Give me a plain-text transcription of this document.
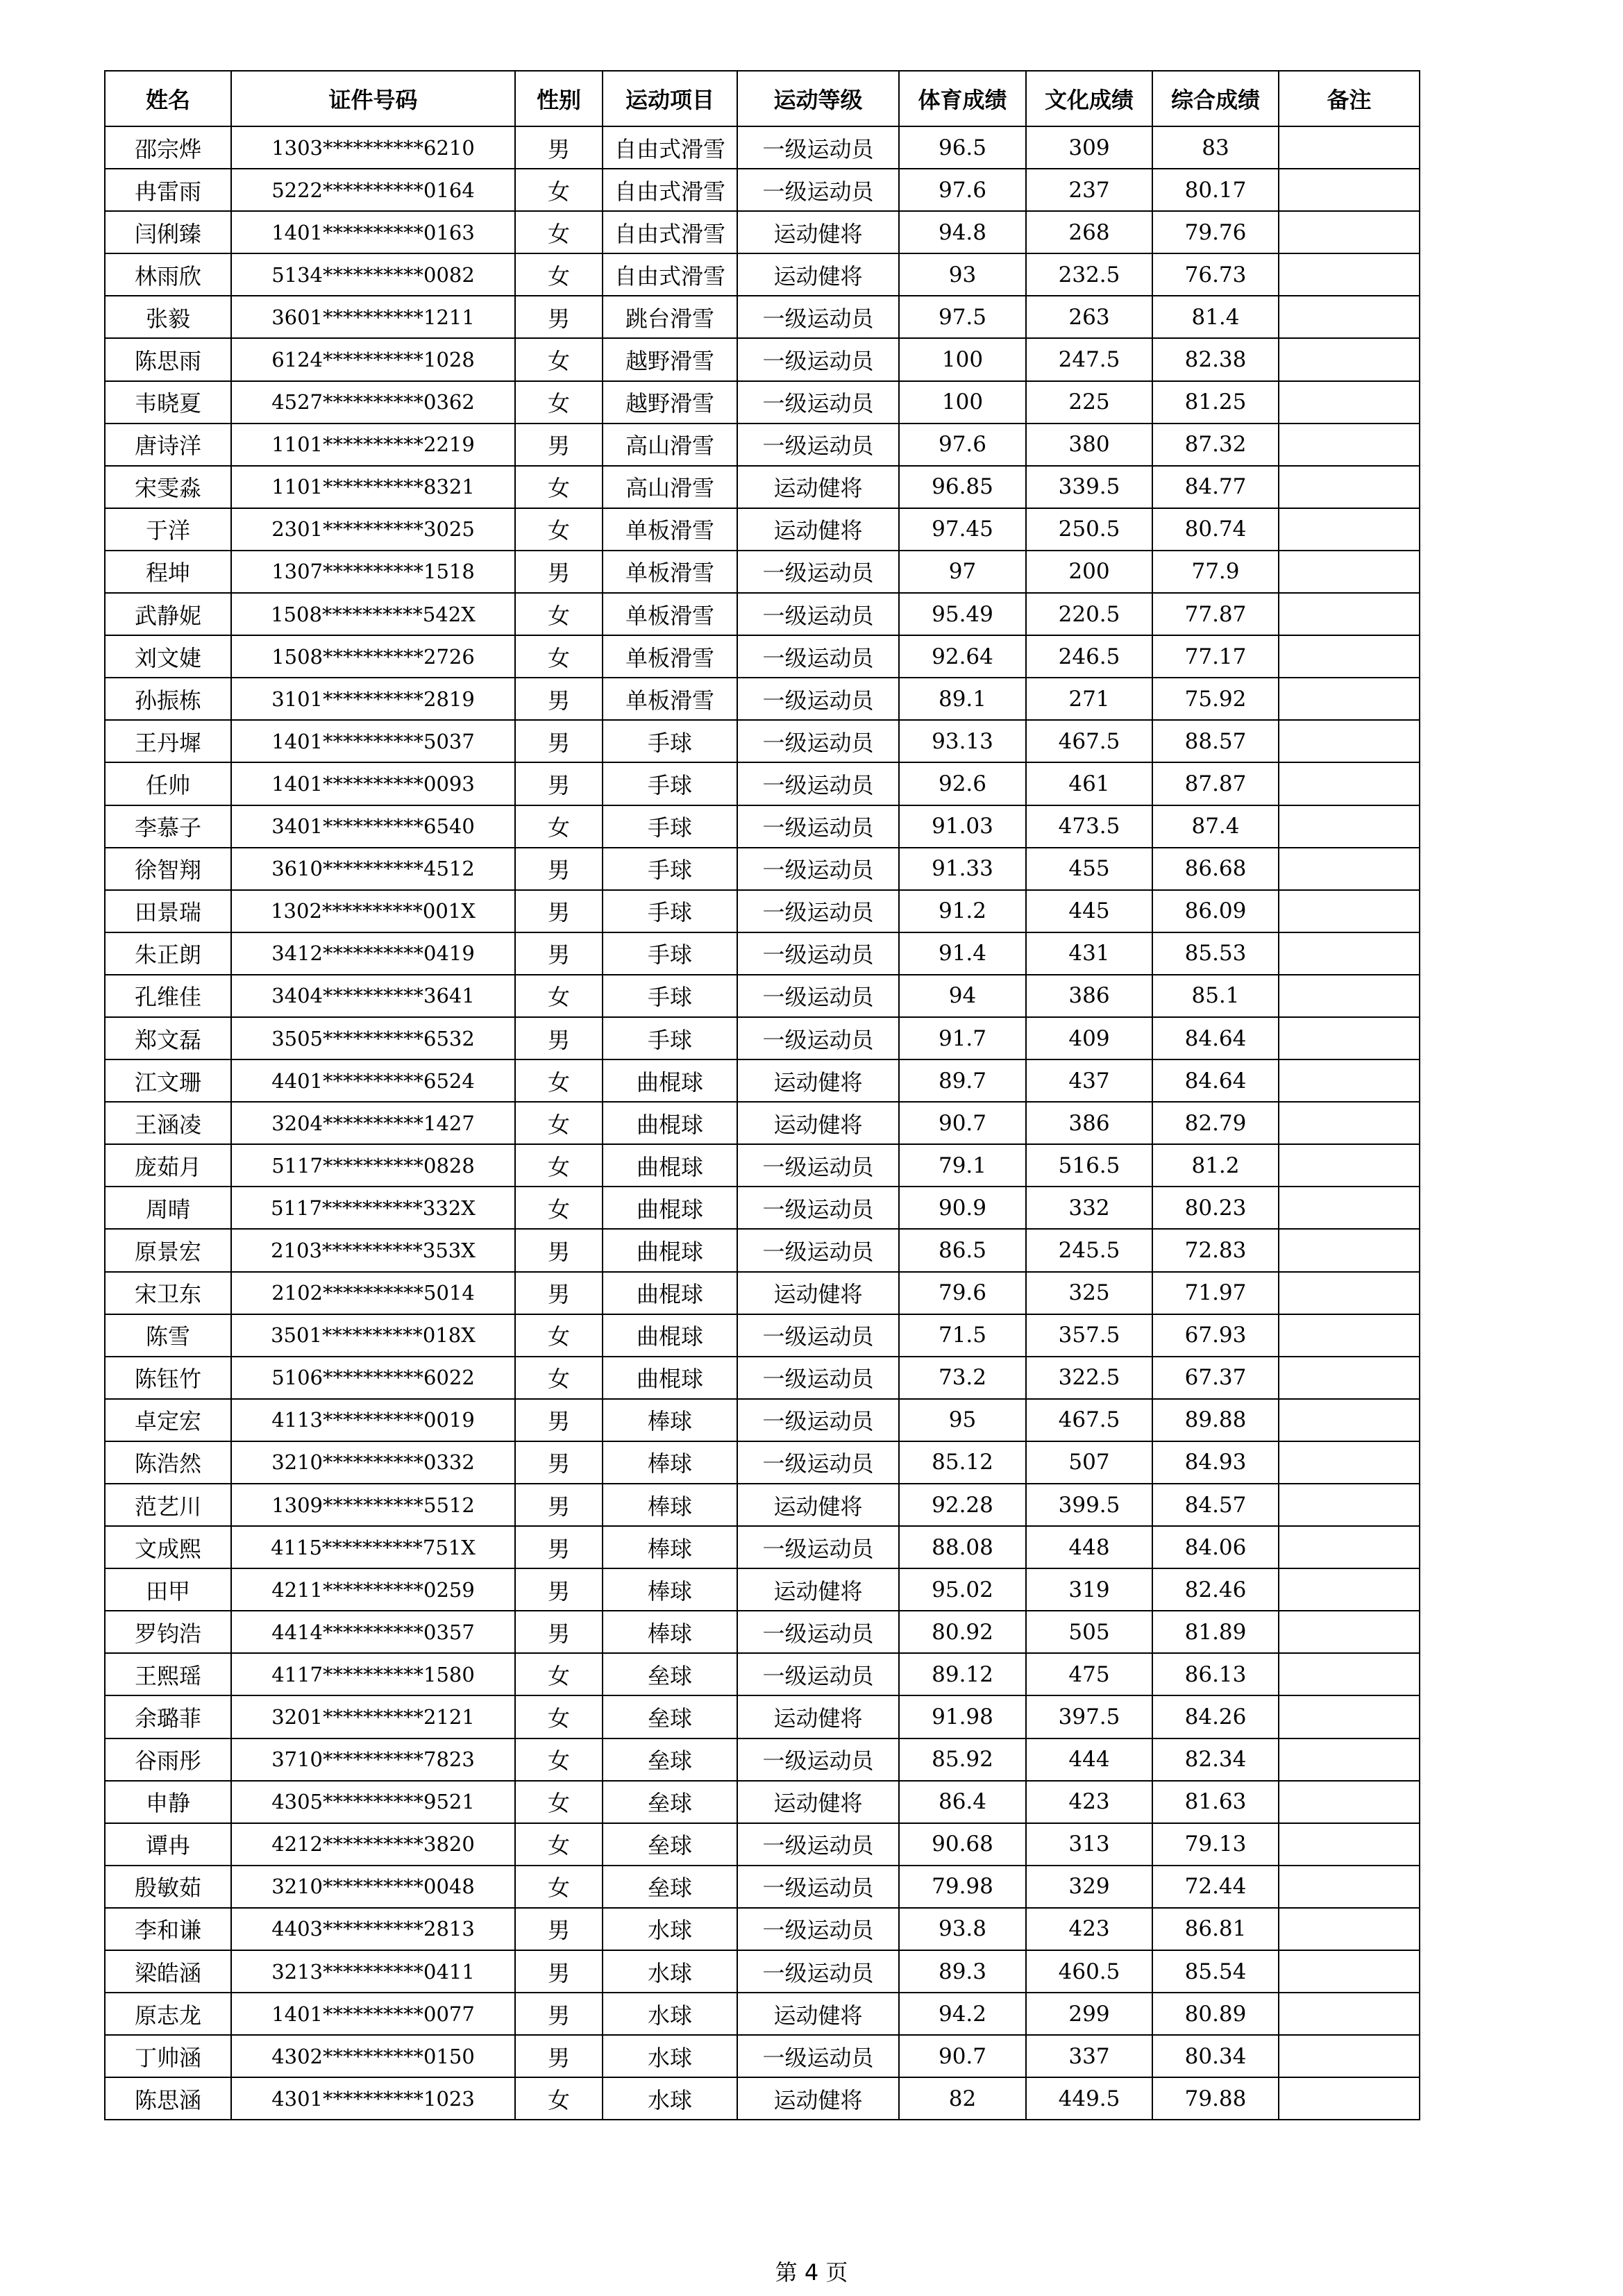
姓名	证件号码	性别	运动项目	运动等级	体育成绩	文化成绩	综合成绩	备注
邵宗烨	1303**********6210	男	自由式滑雪	一级运动员	96.5	309	83	
冉雷雨	5222**********0164	女	自由式滑雪	一级运动员	97.6	237	80.17	
闫俐臻	1401**********0163	女	自由式滑雪	运动健将	94.8	268	79.76	
林雨欣	5134**********0082	女	自由式滑雪	运动健将	93	232.5	76.73	
张毅	3601**********1211	男	跳台滑雪	一级运动员	97.5	263	81.4	
陈思雨	6124**********1028	女	越野滑雪	一级运动员	100	247.5	82.38	
韦晓夏	4527**********0362	女	越野滑雪	一级运动员	100	225	81.25	
唐诗洋	1101**********2219	男	高山滑雪	一级运动员	97.6	380	87.32	
宋雯淼	1101**********8321	女	高山滑雪	运动健将	96.85	339.5	84.77	
于洋	2301**********3025	女	单板滑雪	运动健将	97.45	250.5	80.74	
程坤	1307**********1518	男	单板滑雪	一级运动员	97	200	77.9	
武静妮	1508**********542X	女	单板滑雪	一级运动员	95.49	220.5	77.87	
刘文婕	1508**********2726	女	单板滑雪	一级运动员	92.64	246.5	77.17	
孙振栋	3101**********2819	男	单板滑雪	一级运动员	89.1	271	75.92	
王丹墀	1401**********5037	男	手球	一级运动员	93.13	467.5	88.57	
任帅	1401**********0093	男	手球	一级运动员	92.6	461	87.87	
李慕子	3401**********6540	女	手球	一级运动员	91.03	473.5	87.4	
徐智翔	3610**********4512	男	手球	一级运动员	91.33	455	86.68	
田景瑞	1302**********001X	男	手球	一级运动员	91.2	445	86.09	
朱正朗	3412**********0419	男	手球	一级运动员	91.4	431	85.53	
孔维佳	3404**********3641	女	手球	一级运动员	94	386	85.1	
郑文磊	3505**********6532	男	手球	一级运动员	91.7	409	84.64	
江文珊	4401**********6524	女	曲棍球	运动健将	89.7	437	84.64	
王涵凌	3204**********1427	女	曲棍球	运动健将	90.7	386	82.79	
庞茹月	5117**********0828	女	曲棍球	一级运动员	79.1	516.5	81.2	
周晴	5117**********332X	女	曲棍球	一级运动员	90.9	332	80.23	
原景宏	2103**********353X	男	曲棍球	一级运动员	86.5	245.5	72.83	
宋卫东	2102**********5014	男	曲棍球	运动健将	79.6	325	71.97	
陈雪	3501**********018X	女	曲棍球	一级运动员	71.5	357.5	67.93	
陈钰竹	5106**********6022	女	曲棍球	一级运动员	73.2	322.5	67.37	
卓定宏	4113**********0019	男	棒球	一级运动员	95	467.5	89.88	
陈浩然	3210**********0332	男	棒球	一级运动员	85.12	507	84.93	
范艺川	1309**********5512	男	棒球	运动健将	92.28	399.5	84.57	
文成熙	4115**********751X	男	棒球	一级运动员	88.08	448	84.06	
田甲	4211**********0259	男	棒球	运动健将	95.02	319	82.46	
罗钧浩	4414**********0357	男	棒球	一级运动员	80.92	505	81.89	
王熙瑶	4117**********1580	女	垒球	一级运动员	89.12	475	86.13	
余璐菲	3201**********2121	女	垒球	运动健将	91.98	397.5	84.26	
谷雨彤	3710**********7823	女	垒球	一级运动员	85.92	444	82.34	
申静	4305**********9521	女	垒球	运动健将	86.4	423	81.63	
谭冉	4212**********3820	女	垒球	一级运动员	90.68	313	79.13	
殷敏茹	3210**********0048	女	垒球	一级运动员	79.98	329	72.44	
李和谦	4403**********2813	男	水球	一级运动员	93.8	423	86.81	
梁皓涵	3213**********0411	男	水球	一级运动员	89.3	460.5	85.54	
原志龙	1401**********0077	男	水球	运动健将	94.2	299	80.89	
丁帅涵	4302**********0150	男	水球	一级运动员	90.7	337	80.34	
陈思涵	4301**********1023	女	水球	运动健将	82	449.5	79.88	
第 4 页
